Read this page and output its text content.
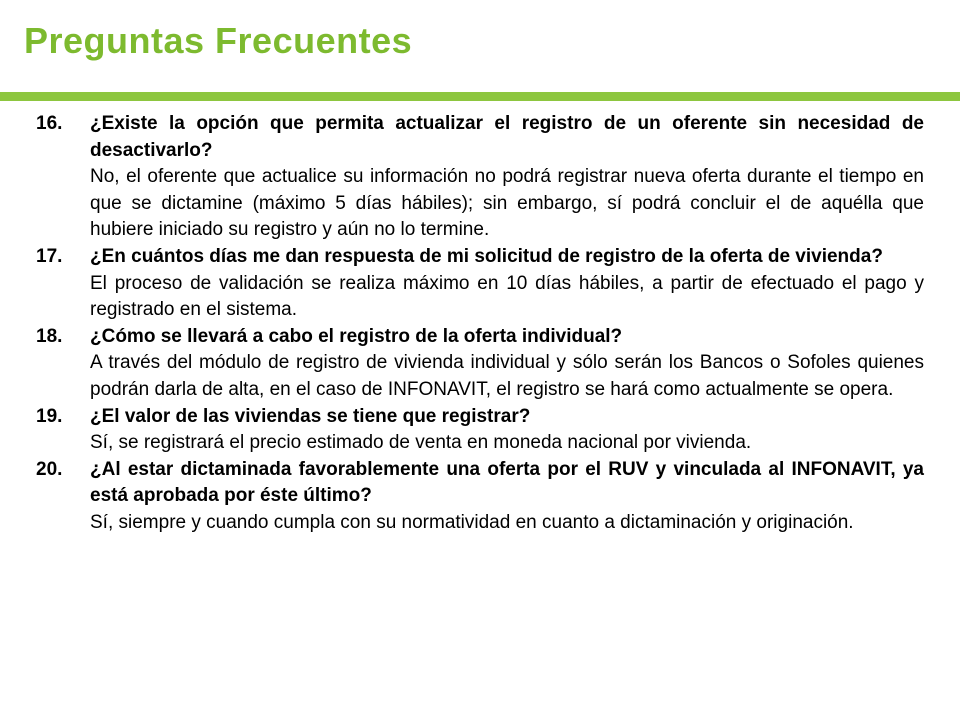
Preguntas Frecuentes
16.	¿Existe la opción que permita actualizar el registro de un oferente sin necesidad de desactivarlo?

No, el oferente que actualice su información no podrá registrar nueva oferta durante el tiempo en que se dictamine (máximo 5 días hábiles); sin embargo, sí podrá concluir el de aquélla que hubiere iniciado su registro y aún no lo termine.

17.	¿En cuántos días me dan respuesta de mi solicitud de registro de la oferta de vivienda?

El proceso de validación se realiza máximo en 10 días hábiles, a partir de efectuado el pago y registrado en el sistema.

18.	¿Cómo se llevará a cabo el registro de la oferta individual?

A través del módulo de registro de vivienda individual y sólo serán los Bancos o Sofoles quienes podrán darla de alta, en el caso de INFONAVIT, el registro se hará como actualmente se opera.

19.	¿El valor de las viviendas se tiene que registrar?

Sí, se registrará el precio estimado de venta en moneda nacional por vivienda.

20.	¿Al estar dictaminada favorablemente una oferta por el RUV y vinculada al INFONAVIT, ya está aprobada por éste último?

Sí, siempre y cuando cumpla con su normatividad en cuanto a dictaminación y originación.
